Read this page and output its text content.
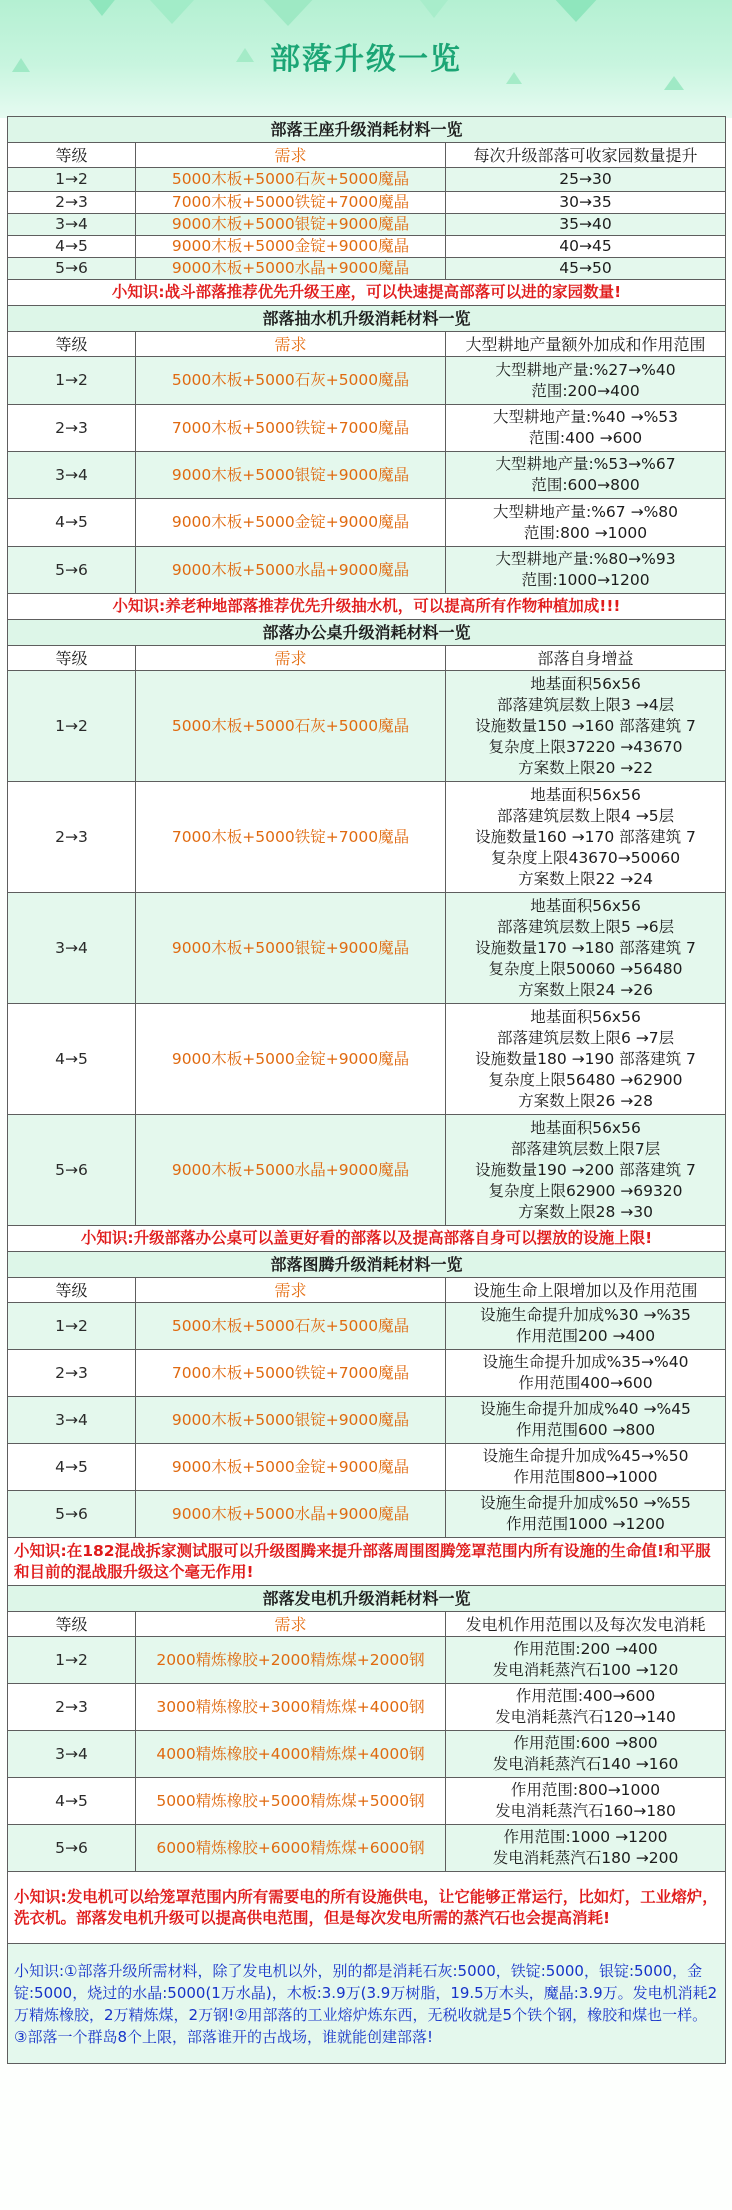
部落升级一览
部落王座升级消耗材料一览		
等级	需求	每次升级部落可收家园数量提升
1→2	5000木板+5000石灰+5000魔晶	25→30
2→3	7000木板+5000铁锭+7000魔晶	30→35
3→4	9000木板+5000银锭+9000魔晶	35→40
4→5	9000木板+5000金锭+9000魔晶	40→45
5→6	9000木板+5000水晶+9000魔晶	45→50
小知识:战斗部落推荐优先升级王座，可以快速提高部落可以进的家园数量!		
部落抽水机升级消耗材料一览		
等级	需求	大型耕地产量额外加成和作用范围
1→2	5000木板+5000石灰+5000魔晶	大型耕地产量:%27→%40
范围:200→400
2→3	7000木板+5000铁锭+7000魔晶	大型耕地产量:%40 →%53
范围:400 →600
3→4	9000木板+5000银锭+9000魔晶	大型耕地产量:%53→%67
范围:600→800
4→5	9000木板+5000金锭+9000魔晶	大型耕地产量:%67 →%80
范围:800 →1000
5→6	9000木板+5000水晶+9000魔晶	大型耕地产量:%80→%93
范围:1000→1200
小知识:养老种地部落推荐优先升级抽水机，可以提高所有作物种植加成!!!		
部落办公桌升级消耗材料一览		
等级	需求	部落自身增益
1→2	5000木板+5000石灰+5000魔晶	地基面积56x56
部落建筑层数上限3 →4层
设施数量150 →160 部落建筑 7
复杂度上限37220 →43670
方案数上限20 →22
2→3	7000木板+5000铁锭+7000魔晶	地基面积56x56
部落建筑层数上限4 →5层
设施数量160 →170 部落建筑 7
复杂度上限43670→50060
方案数上限22 →24
3→4	9000木板+5000银锭+9000魔晶	地基面积56x56
部落建筑层数上限5 →6层
设施数量170 →180 部落建筑 7
复杂度上限50060 →56480
方案数上限24 →26
4→5	9000木板+5000金锭+9000魔晶	地基面积56x56
部落建筑层数上限6 →7层
设施数量180 →190 部落建筑 7
复杂度上限56480 →62900
方案数上限26 →28
5→6	9000木板+5000水晶+9000魔晶	地基面积56x56
部落建筑层数上限7层
设施数量190 →200 部落建筑 7
复杂度上限62900 →69320
方案数上限28 →30
小知识:升级部落办公桌可以盖更好看的部落以及提高部落自身可以摆放的设施上限!		
部落图腾升级消耗材料一览		
等级	需求	设施生命上限增加以及作用范围
1→2	5000木板+5000石灰+5000魔晶	设施生命提升加成%30 →%35
作用范围200 →400
2→3	7000木板+5000铁锭+7000魔晶	设施生命提升加成%35→%40
作用范围400→600
3→4	9000木板+5000银锭+9000魔晶	设施生命提升加成%40 →%45
作用范围600 →800
4→5	9000木板+5000金锭+9000魔晶	设施生命提升加成%45→%50
作用范围800→1000
5→6	9000木板+5000水晶+9000魔晶	设施生命提升加成%50 →%55
作用范围1000 →1200
小知识:在182混战拆家测试服可以升级图腾来提升部落周围图腾笼罩范围内所有设施的生命值!和平服和目前的混战服升级这个毫无作用!		
部落发电机升级消耗材料一览		
等级	需求	发电机作用范围以及每次发电消耗
1→2	2000精炼橡胶+2000精炼煤+2000钢	作用范围:200 →400
发电消耗蒸汽石100 →120
2→3	3000精炼橡胶+3000精炼煤+4000钢	作用范围:400→600
发电消耗蒸汽石120→140
3→4	4000精炼橡胶+4000精炼煤+4000钢	作用范围:600 →800
发电消耗蒸汽石140 →160
4→5	5000精炼橡胶+5000精炼煤+5000钢	作用范围:800→1000
发电消耗蒸汽石160→180
5→6	6000精炼橡胶+6000精炼煤+6000钢	作用范围:1000 →1200
发电消耗蒸汽石180 →200
小知识:发电机可以给笼罩范围内所有需要电的所有设施供电，让它能够正常运行，比如灯，工业熔炉，洗衣机。部落发电机升级可以提高供电范围，但是每次发电所需的蒸汽石也会提高消耗!		
小知识:①部落升级所需材料，除了发电机以外，别的都是消耗石灰:5000，铁锭:5000，银锭:5000，金锭:5000，烧过的水晶:5000(1万水晶)，木板:3.9万(3.9万树脂，19.5万木头，魔晶:3.9万。发电机消耗2万精炼橡胶，2万精炼煤，2万钢!②用部落的工业熔炉炼东西，无税收就是5个铁个钢，橡胶和煤也一样。③部落一个群岛8个上限，部落谁开的古战场，谁就能创建部落!		
